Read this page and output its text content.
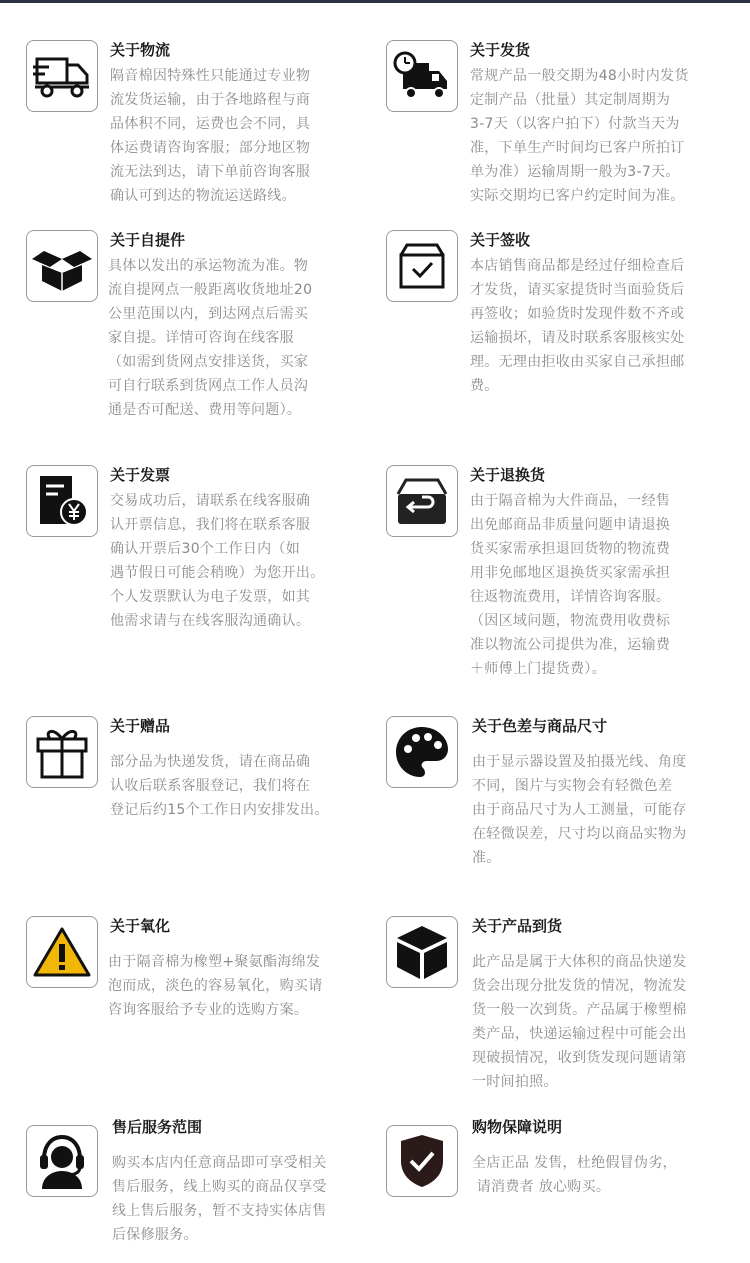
关于物流
隔音棉因特殊性只能通过专业物
流发货运输，由于各地路程与商
品体积不同，运费也会不同，具
体运费请咨询客服；部分地区物
流无法到达，请下单前咨询客服
确认可到达的物流运送路线。
关于发货
常规产品一般交期为48小时内发货
定制产品（批量）其定制周期为
3-7天（以客户拍下）付款当天为
准，下单生产时间均已客户所拍订
单为准）运输周期一般为3-7天。
实际交期均已客户约定时间为准。
关于自提件
具体以发出的承运物流为准。物
流自提网点一般距离收货地址20
公里范围以内，到达网点后需买
家自提。详情可咨询在线客服
（如需到货网点安排送货，买家
可自行联系到货网点工作人员沟
通是否可配送、费用等问题）。
关于签收
本店销售商品都是经过仔细检查后
才发货，请买家提货时当面验货后
再签收；如验货时发现件数不齐或
运输损坏，请及时联系客服核实处
理。无理由拒收由买家自己承担邮
费。
关于发票
交易成功后，请联系在线客服确
认开票信息，我们将在联系客服
确认开票后30个工作日内（如
遇节假日可能会稍晚）为您开出。
个人发票默认为电子发票，如其
他需求请与在线客服沟通确认。
关于退换货
由于隔音棉为大件商品，一经售
出免邮商品非质量问题申请退换
货买家需承担退回货物的物流费
用非免邮地区退换货买家需承担
往返物流费用，详情咨询客服。
（因区域问题，物流费用收费标
准以物流公司提供为准，运输费
＋师傅上门提货费）。
关于赠品
部分品为快递发货，请在商品确
认收后联系客服登记，我们将在
登记后约15个工作日内安排发出。
关于色差与商品尺寸
由于显示器设置及拍摄光线、角度
不同，图片与实物会有轻微色差
由于商品尺寸为人工测量，可能存
在轻微误差，尺寸均以商品实物为
准。
关于氧化
由于隔音棉为橡塑+聚氨酯海绵发
泡而成，淡色的容易氧化，购买请
咨询客服给予专业的选购方案。
关于产品到货
此产品是属于大体积的商品快递发
货会出现分批发货的情况，物流发
货一般一次到货。产品属于橡塑棉
类产品，快递运输过程中可能会出
现破损情况，收到货发现问题请第
一时间拍照。
售后服务范围
购买本店内任意商品即可享受相关
售后服务，线上购买的商品仅享受
线上售后服务，暂不支持实体店售
后保修服务。
购物保障说明
全店正品 发售，杜绝假冒伪劣，
请消费者 放心购买。
